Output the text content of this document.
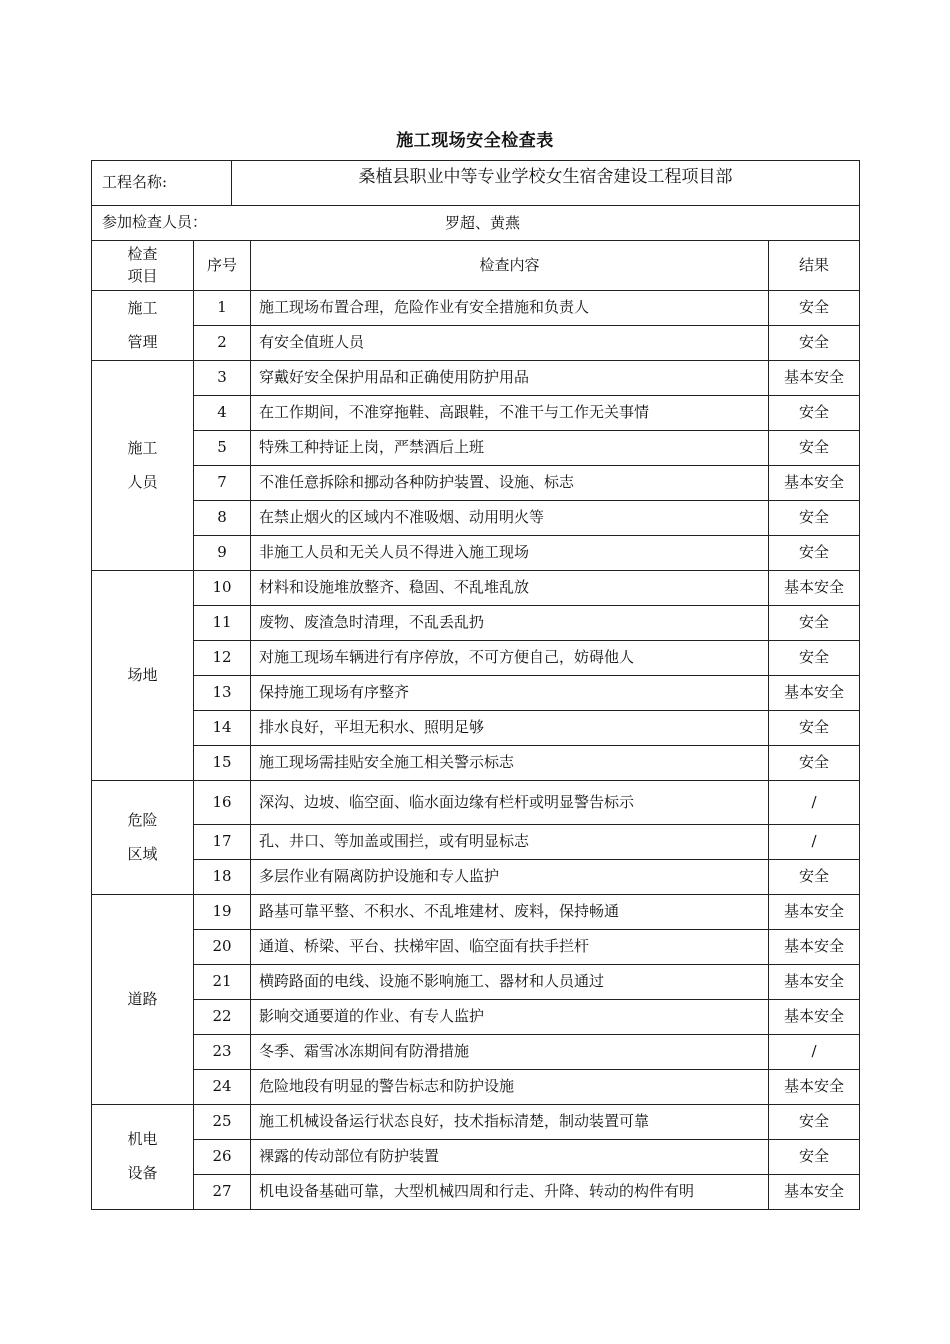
施工现场安全检查表
工程名称:		桑植县职业中等专业学校女生宿舍建设工程项目部		
参加检查人员： 罗超、黄燕				

检查
项目	序号		检查内容	结果

施工
管理	1		施工现场布置合理，危险作业有安全措施和负责人	安全
	2		有安全值班人员	安全

施工
人员	3		穿戴好安全保护用品和正确使用防护用品	基本安全
	4		在工作期间，不准穿拖鞋、高跟鞋，不准干与工作无关事情	安全
	5		特殊工种持证上岗，严禁酒后上班	安全
	7		不准任意拆除和挪动各种防护装置、设施、标志	基本安全
	8		在禁止烟火的区域内不准吸烟、动用明火等	安全
	9		非施工人员和无关人员不得进入施工现场	安全

场地	10		材料和设施堆放整齐、稳固、不乱堆乱放	基本安全
	11		废物、废渣急时清理，不乱丢乱扔	安全
	12		对施工现场车辆进行有序停放，不可方便自己，妨碍他人	安全
	13		保持施工现场有序整齐	基本安全
	14		排水良好，平坦无积水、照明足够	安全
	15		施工现场需挂贴安全施工相关警示标志	安全

危险
区域	16		深沟、边坡、临空面、临水面边缘有栏杆或明显警告标示	/
	17		孔、井口、等加盖或围拦，或有明显标志	/
	18		多层作业有隔离防护设施和专人监护	安全

道路	19		路基可靠平整、不积水、不乱堆建材、废料，保持畅通	基本安全
	20		通道、桥梁、平台、扶梯牢固、临空面有扶手拦杆	基本安全
	21		横跨路面的电线、设施不影响施工、器材和人员通过	基本安全
	22		影响交通要道的作业、有专人监护	基本安全
	23		冬季、霜雪冰冻期间有防滑措施	/
	24		危险地段有明显的警告标志和防护设施	基本安全

机电
设备	25		施工机械设备运行状态良好，技术指标清楚，制动装置可靠	安全
	26		裸露的传动部位有防护装置	安全
	27		机电设备基础可靠，大型机械四周和行走、升降、转动的构件有明	基本安全
